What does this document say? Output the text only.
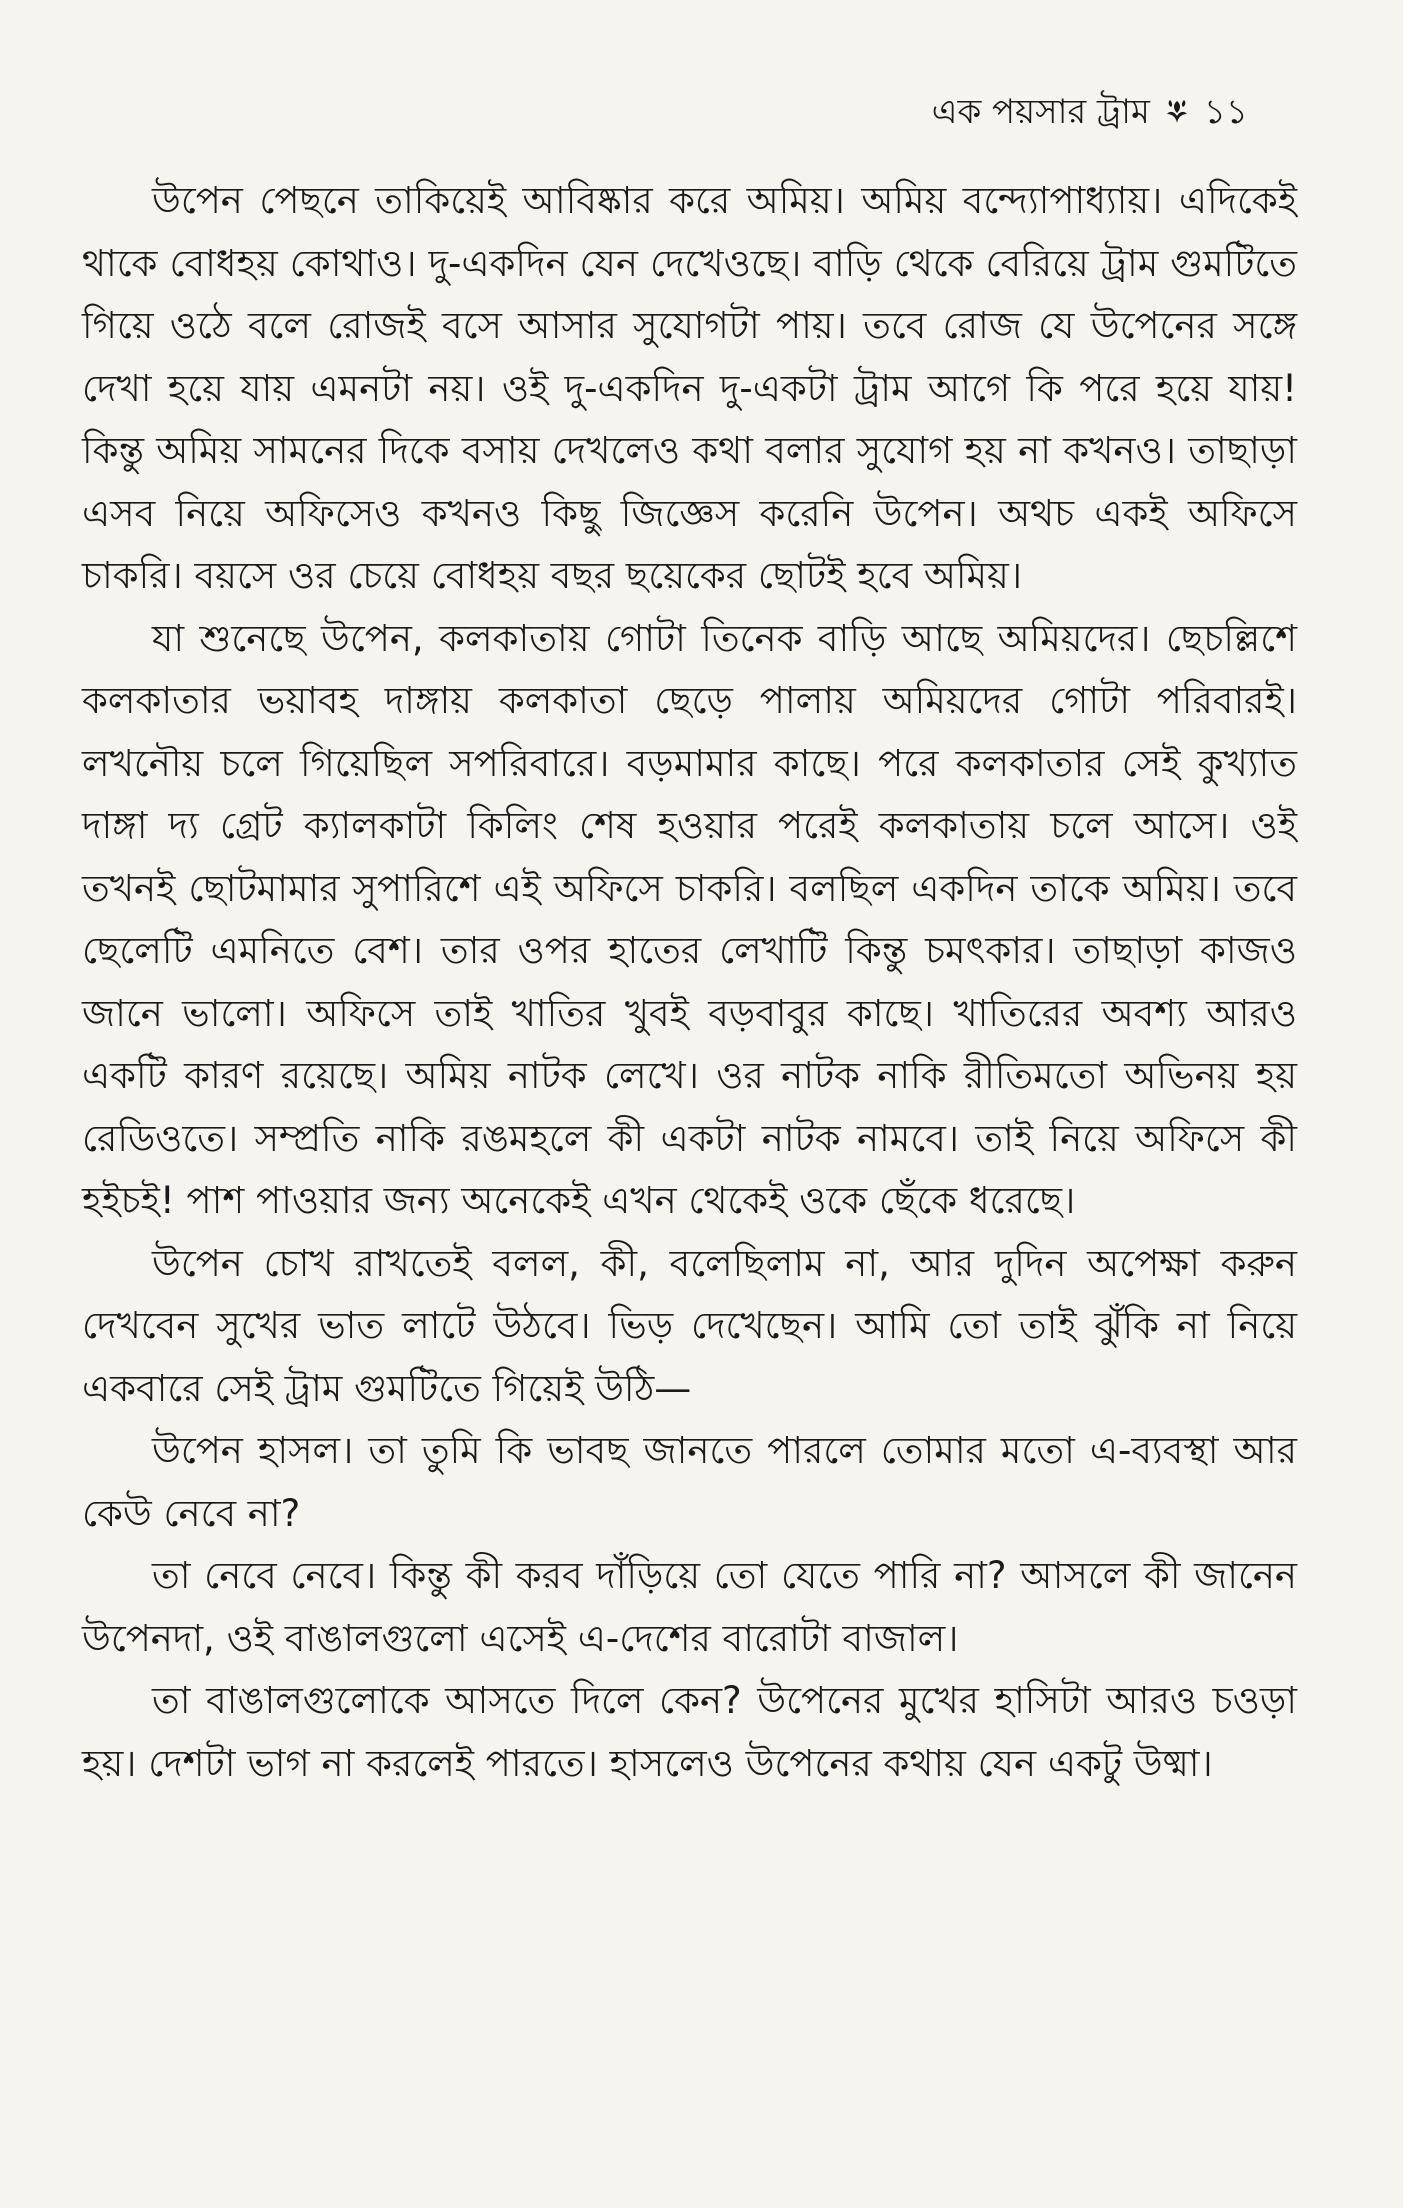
এক পয়সার ট্রাম ১১

উপেন পেছনে তাকিয়েই আবিষ্কার করে অমিয়। অমিয় বন্দ্যোপাধ্যায়। এদিকেই থাকে বোধহয় কোথাও। দু-একদিন যেন দেখেওছে। বাড়ি থেকে বেরিয়ে ট্রাম গুমটিতে গিয়ে ওঠে বলে রোজই বসে আসার সুযোগটা পায়। তবে রোজ যে উপেনের সঙ্গে দেখা হয়ে যায় এমনটা নয়। ওই দু-একদিন দু-একটা ট্রাম আগে কি পরে হয়ে যায়! কিন্তু অমিয় সামনের দিকে বসায় দেখলেও কথা বলার সুযোগ হয় না কখনও। তাছাড়া এসব নিয়ে অফিসেও কখনও কিছু জিজ্ঞেস করেনি উপেন। অথচ একই অফিসে চাকরি। বয়সে ওর চেয়ে বোধহয় বছর ছয়েকের ছোটই হবে অমিয়।

যা শুনেছে উপেন, কলকাতায় গোটা তিনেক বাড়ি আছে অমিয়দের। ছেচল্লিশে কলকাতার ভয়াবহ দাঙ্গায় কলকাতা ছেড়ে পালায় অমিয়দের গোটা পরিবারই। লখনৌয় চলে গিয়েছিল সপরিবারে। বড়মামার কাছে। পরে কলকাতার সেই কুখ্যাত দাঙ্গা দ্য গ্রেট ক্যালকাটা কিলিং শেষ হওয়ার পরেই কলকাতায় চলে আসে। ওই তখনই ছোটমামার সুপারিশে এই অফিসে চাকরি। বলছিল একদিন তাকে অমিয়। তবে ছেলেটি এমনিতে বেশ। তার ওপর হাতের লেখাটি কিন্তু চমৎকার। তাছাড়া কাজও জানে ভালো। অফিসে তাই খাতির খুবই বড়বাবুর কাছে। খাতিরের অবশ্য আরও একটি কারণ রয়েছে। অমিয় নাটক লেখে। ওর নাটক নাকি রীতিমতো অভিনয় হয় রেডিওতে। সম্প্রতি নাকি রঙমহলে কী একটা নাটক নামবে। তাই নিয়ে অফিসে কী হইচই! পাশ পাওয়ার জন্য অনেকেই এখন থেকেই ওকে ছেঁকে ধরেছে।

উপেন চোখ রাখতেই বলল, কী, বলেছিলাম না, আর দুদিন অপেক্ষা করুন দেখবেন সুখের ভাত লাটে উঠবে। ভিড় দেখেছেন। আমি তো তাই ঝুঁকি না নিয়ে একবারে সেই ট্রাম গুমটিতে গিয়েই উঠি—

উপেন হাসল। তা তুমি কি ভাবছ জানতে পারলে তোমার মতো এ-ব্যবস্থা আর কেউ নেবে না?

তা নেবে নেবে। কিন্তু কী করব দাঁড়িয়ে তো যেতে পারি না? আসলে কী জানেন উপেনদা, ওই বাঙালগুলো এসেই এ-দেশের বারোটা বাজাল।

তা বাঙালগুলোকে আসতে দিলে কেন? উপেনের মুখের হাসিটা আরও চওড়া হয়। দেশটা ভাগ না করলেই পারতে। হাসলেও উপেনের কথায় যেন একটু উষ্মা।
